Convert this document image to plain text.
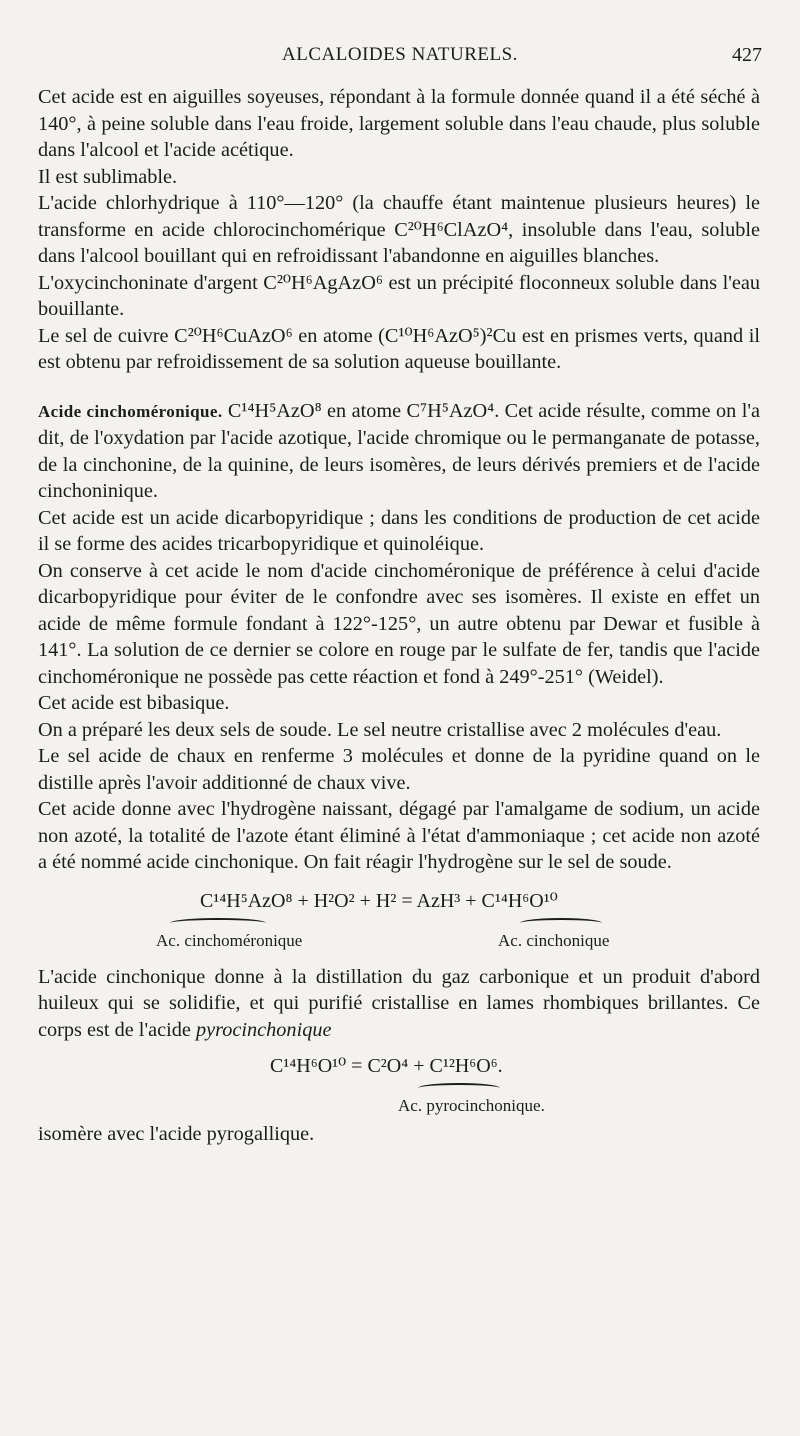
ALCALOIDES NATURELS.	427

Cet acide est en aiguilles soyeuses, répondant à la formule donnée quand il a été séché à 140°, à peine soluble dans l'eau froide, largement soluble dans l'eau chaude, plus soluble dans l'alcool et l'acide acétique.

Il est sublimable.

L'acide chlorhydrique à 110°—120° (la chauffe étant maintenue plusieurs heures) le transforme en acide chlorocinchomérique C²⁰H⁶ClAzO⁴, insoluble dans l'eau, soluble dans l'alcool bouillant qui en refroidissant l'abandonne en aiguilles blanches.

L'oxycinchoninate d'argent C²⁰H⁶AgAzO⁶ est un précipité floconneux soluble dans l'eau bouillante.

Le sel de cuivre C²⁰H⁶CuAzO⁶ en atome (C¹⁰H⁶AzO⁵)²Cu est en prismes verts, quand il est obtenu par refroidissement de sa solution aqueuse bouillante.

Acide cinchoméronique. C¹⁴H⁵AzO⁸ en atome C⁷H⁵AzO⁴. Cet acide résulte, comme on l'a dit, de l'oxydation par l'acide azotique, l'acide chromique ou le permanganate de potasse, de la cinchonine, de la quinine, de leurs isomères, de leurs dérivés premiers et de l'acide cinchoninique.

Cet acide est un acide dicarbopyridique ; dans les conditions de production de cet acide il se forme des acides tricarbopyridique et quinoléique.

On conserve à cet acide le nom d'acide cinchoméronique de préférence à celui d'acide dicarbopyridique pour éviter de le confondre avec ses isomères. Il existe en effet un acide de même formule fondant à 122°-125°, un autre obtenu par Dewar et fusible à 141°. La solution de ce dernier se colore en rouge par le sulfate de fer, tandis que l'acide cinchoméronique ne possède pas cette réaction et fond à 249°-251° (Weidel).

Cet acide est bibasique.

On a préparé les deux sels de soude. Le sel neutre cristallise avec 2 molécules d'eau.

Le sel acide de chaux en renferme 3 molécules et donne de la pyridine quand on le distille après l'avoir additionné de chaux vive.

Cet acide donne avec l'hydrogène naissant, dégagé par l'amalgame de sodium, un acide non azoté, la totalité de l'azote étant éliminé à l'état d'ammoniaque ; cet acide non azoté a été nommé acide cinchonique. On fait réagir l'hydrogène sur le sel de soude.

C¹⁴H⁵AzO⁸ + H²O² + H² = AzH³ + C¹⁴H⁶O¹⁰
Ac. cinchoméronique	Ac. cinchonique

L'acide cinchonique donne à la distillation du gaz carbonique et un produit d'abord huileux qui se solidifie, et qui purifié cristallise en lames rhombiques brillantes. Ce corps est de l'acide pyrocinchonique

C¹⁴H⁶O¹⁰ = C²O⁴ + C¹²H⁶O⁶.
Ac. pyrocinchonique.

isomère avec l'acide pyrogallique.
